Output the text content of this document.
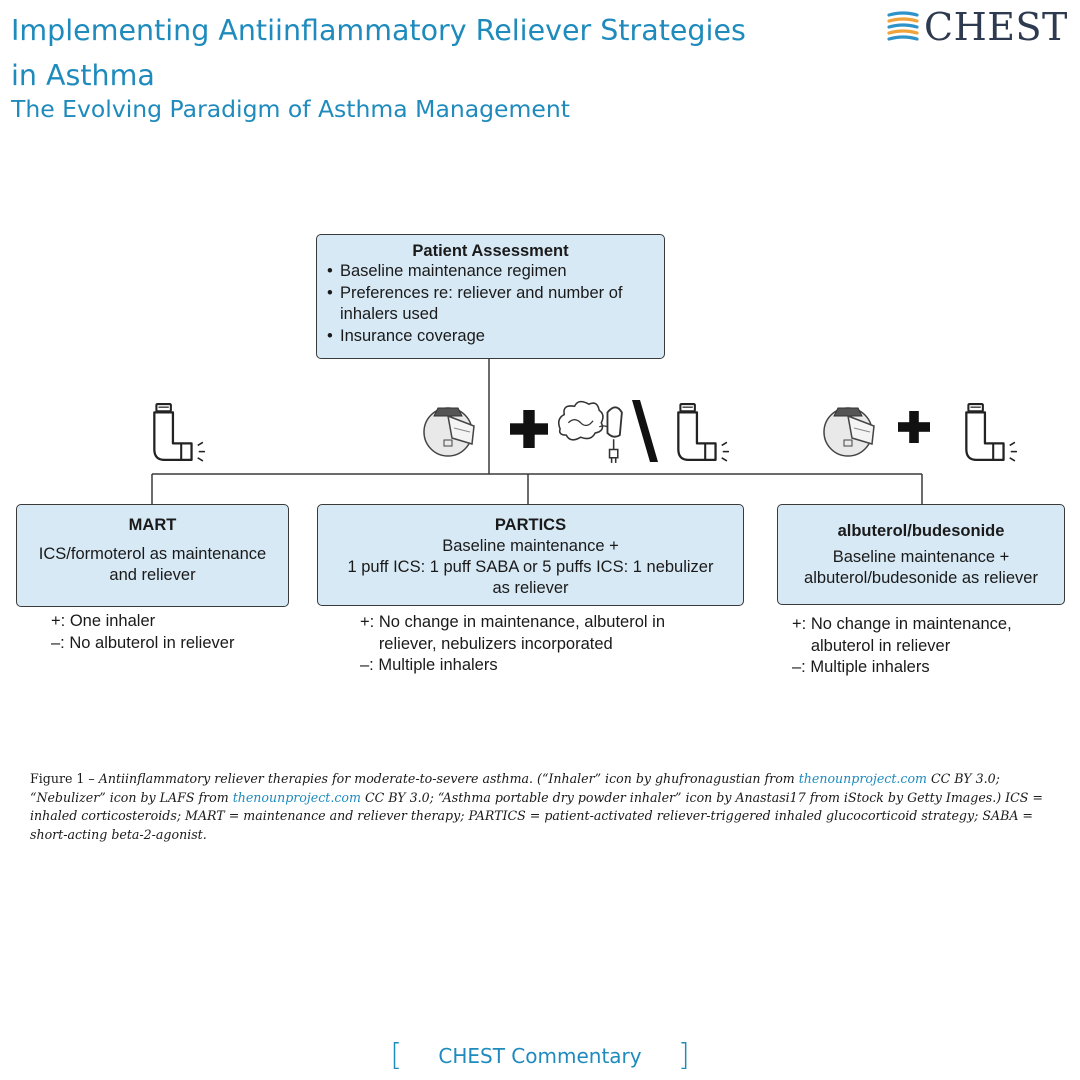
Implementing Antiinflammatory Reliever Strategies in Asthma
The Evolving Paradigm of Asthma Management
CHEST
Patient Assessment
• Baseline maintenance regimen
• Preferences re: reliever and number of inhalers used
• Insurance coverage
MART
ICS/formoterol as maintenance
and reliever
+: One inhaler
–: No albuterol in reliever
PARTICS
Baseline maintenance +
1 puff ICS: 1 puff SABA or 5 puffs ICS: 1 nebulizer
as reliever
+: No change in maintenance, albuterol in reliever, nebulizers incorporated
–: Multiple inhalers
albuterol/budesonide
Baseline maintenance +
albuterol/budesonide as reliever
+: No change in maintenance, albuterol in reliever
–: Multiple inhalers

Figure 1 – Antiinflammatory reliever therapies for moderate-to-severe asthma. (“Inhaler” icon by ghufronagustian from thenounproject.com CC BY 3.0; “Nebulizer” icon by LAFS from thenounproject.com CC BY 3.0; “Asthma portable dry powder inhaler” icon by Anastasi17 from iStock by Getty Images.) ICS = inhaled corticosteroids; MART = maintenance and reliever therapy; PARTICS = patient-activated reliever-triggered inhaled glucocorticoid strategy; SABA = short-acting beta-2-agonist.

[ CHEST Commentary ]
